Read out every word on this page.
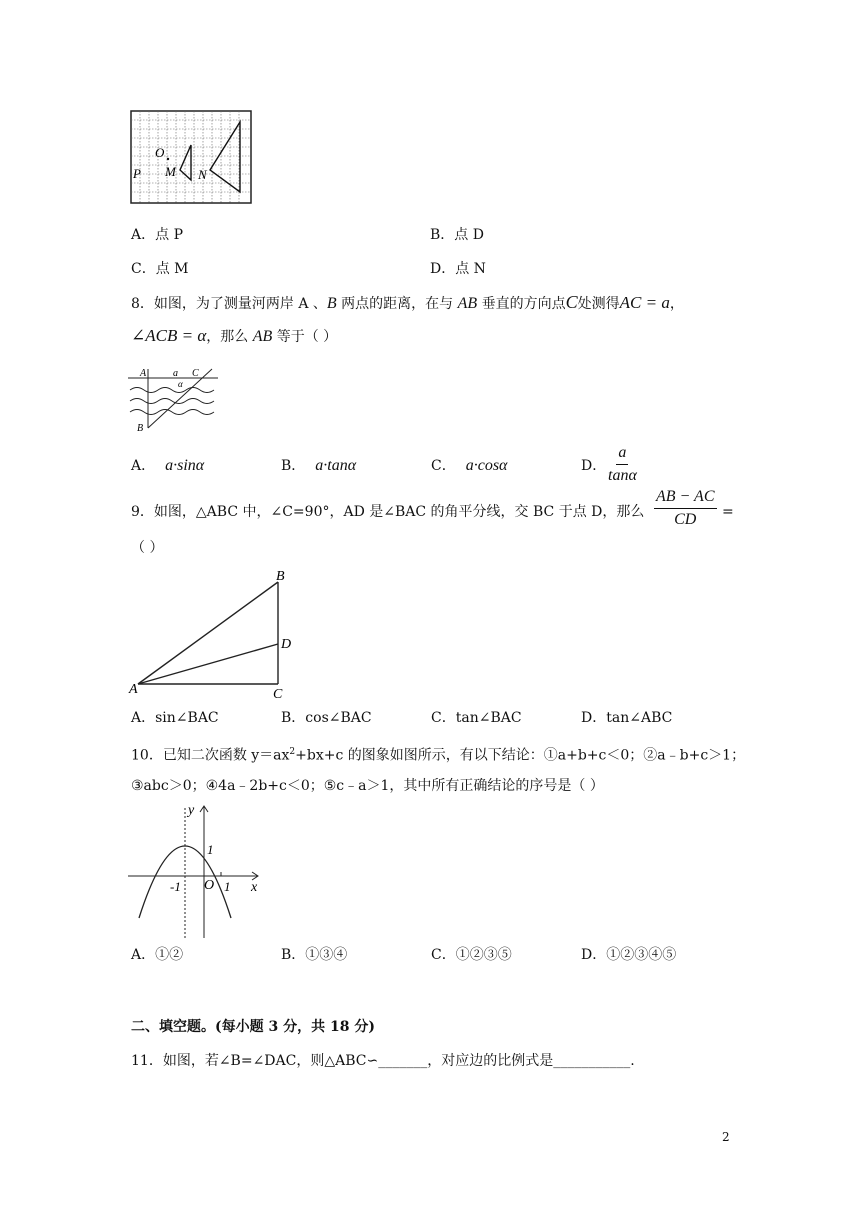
O
P M N
A．点 P	B．点 D
C．点 M	D．点 N
8．如图，为了测量河两岸 A 、B 两点的距离，在与 AB 垂直的方向点C处测得AC = a，
∠ACB = α，那么 AB 等于（ ）
A	a C
α
B
A． a·sinα	B． a·tanα	C． a·cosα	D． $\frac{a}{\tan\alpha}$
9．如图，△ABC 中，∠C=90°，AD 是∠BAC 的角平分线，交 BC 于点 D，那么 $\frac{AB - AC}{CD}$ =
（ ）
A
B
C
D
A．sin∠BAC	B．cos∠BAC	C．tan∠BAC	D．tan∠ABC
10．已知二次函数 $y=ax^2+bx+c$ 的图象如图所示，有以下结论：①a+b+c＜0；②a﹣b+c＞1；
③abc＞0；④4a﹣2b+c＜0；⑤c﹣a＞1，其中所有正确结论的序号是（ ）
y
1
-1 O 1 x
A．①②	B．①③④	C．①②③⑤	D．①②③④⑤
二、填空题。(每小题 3 分，共 18 分)
11．如图，若∠B=∠DAC，则△ABC∽_______，对应边的比例式是___________.
2
